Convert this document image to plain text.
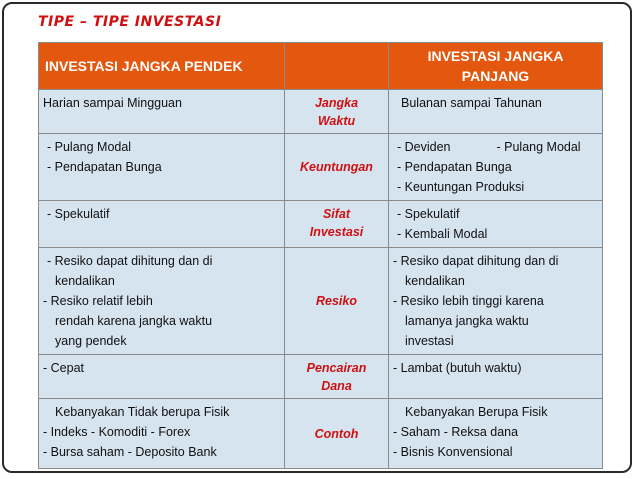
TIPE – TIPE INVESTASI
INVESTASI JANGKA PENDEK		INVESTASI JANGKA PANJANG

Harian sampai Mingguan	Jangka Waktu	Bulanan sampai Tahunan

- Pulang Modal
- Pendapatan Bunga	Keuntungan	- Deviden - Pulang Modal
- Pendapatan Bunga
- Keuntungan Produksi

- Spekulatif	Sifat Investasi	- Spekulatif
- Kembali Modal

- Resiko dapat dihitung dan di
kendalikan
- Resiko relatif lebih
rendah karena jangka waktu
yang pendek	Resiko	- Resiko dapat dihitung dan di
kendalikan
- Resiko lebih tinggi karena
lamanya jangka waktu
investasi

- Cepat	Pencairan Dana	- Lambat (butuh waktu)

Kebanyakan Tidak berupa Fisik
- Indeks - Komoditi - Forex
- Bursa saham - Deposito Bank	Contoh	Kebanyakan Berupa Fisik
- Saham - Reksa dana
- Bisnis Konvensional
